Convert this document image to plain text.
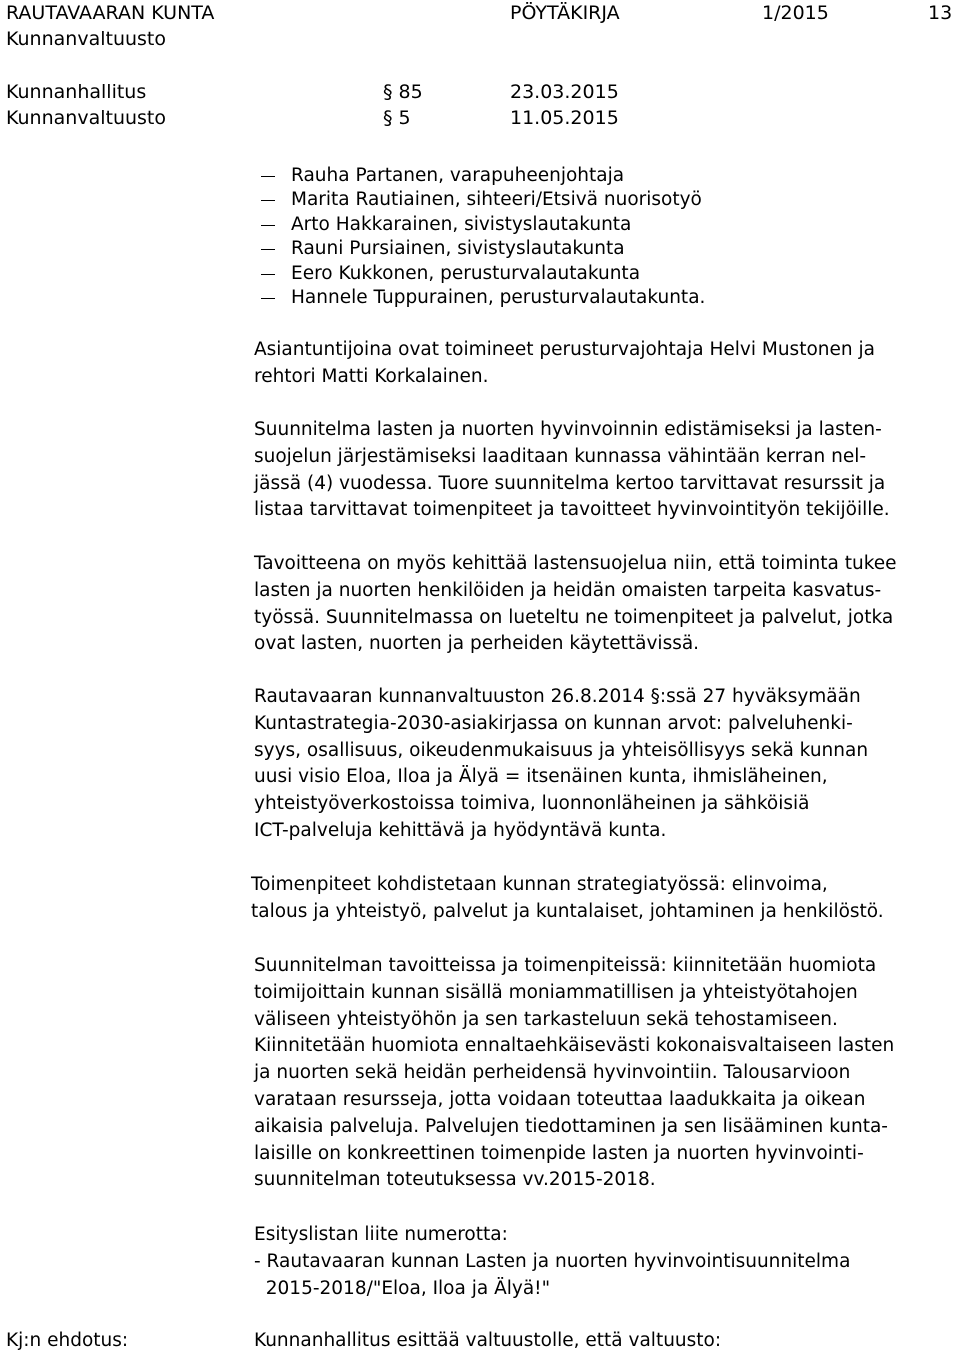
RAUTAVAARAN KUNTA
Kunnanvaltuusto
PÖYTÄKIRJA	1/2015	13
Kunnanhallitus	§ 85	23.03.2015
Kunnanvaltuusto	§ 5	11.05.2015
Rauha Partanen, varapuheenjohtaja
Marita Rautiainen, sihteeri/Etsivä nuorisotyö
Arto Hakkarainen, sivistyslautakunta
Rauni Pursiainen, sivistyslautakunta
Eero Kukkonen, perusturvalautakunta
Hannele Tuppurainen, perusturvalautakunta.

Asiantuntijoina ovat toimineet perusturvajohtaja Helvi Mustonen ja

rehtori Matti Korkalainen.

Suunnitelma lasten ja nuorten hyvinvoinnin edistämiseksi ja lasten-

suojelun järjestämiseksi laaditaan kunnassa vähintään kerran nel-

jässä (4) vuodessa. Tuore suunnitelma kertoo tarvittavat resurssit ja

listaa tarvittavat toimenpiteet ja tavoitteet hyvinvointityön tekijöille.

Tavoitteena on myös kehittää lastensuojelua niin, että toiminta tukee

lasten ja nuorten henkilöiden ja heidän omaisten tarpeita kasvatus-

työssä. Suunnitelmassa on lueteltu ne toimenpiteet ja palvelut, jotka

ovat lasten, nuorten ja perheiden käytettävissä.

Rautavaaran kunnanvaltuuston 26.8.2014 §:ssä 27 hyväksymään

Kuntastrategia-2030-asiakirjassa on kunnan arvot: palveluhenki-

syys, osallisuus, oikeudenmukaisuus ja yhteisöllisyys sekä kunnan

uusi visio Eloa, Iloa ja Älyä = itsenäinen kunta, ihmisläheinen,

yhteistyöverkostoissa toimiva, luonnonläheinen ja sähköisiä

ICT-palveluja kehittävä ja hyödyntävä kunta.

Toimenpiteet kohdistetaan kunnan strategiatyössä: elinvoima,

talous ja yhteistyö, palvelut ja kuntalaiset, johtaminen ja henkilöstö.

Suunnitelman tavoitteissa ja toimenpiteissä: kiinnitetään huomiota

toimijoittain kunnan sisällä moniammatillisen ja yhteistyötahojen

väliseen yhteistyöhön ja sen tarkasteluun sekä tehostamiseen.

Kiinnitetään huomiota ennaltaehkäisevästi kokonaisvaltaiseen lasten

ja nuorten sekä heidän perheidensä hyvinvointiin. Talousarvioon

varataan resursseja, jotta voidaan toteuttaa laadukkaita ja oikean

aikaisia palveluja. Palvelujen tiedottaminen ja sen lisääminen kunta-

laisille on konkreettinen toimenpide lasten ja nuorten hyvinvointi-

suunnitelman toteutuksessa vv.2015-2018.

Esityslistan liite numerotta:

- Rautavaaran kunnan Lasten ja nuorten hyvinvointisuunnitelma

2015-2018/"Eloa, Iloa ja Älyä!"

Kj:n ehdotus:	Kunnanhallitus esittää valtuustolle, että valtuusto:
